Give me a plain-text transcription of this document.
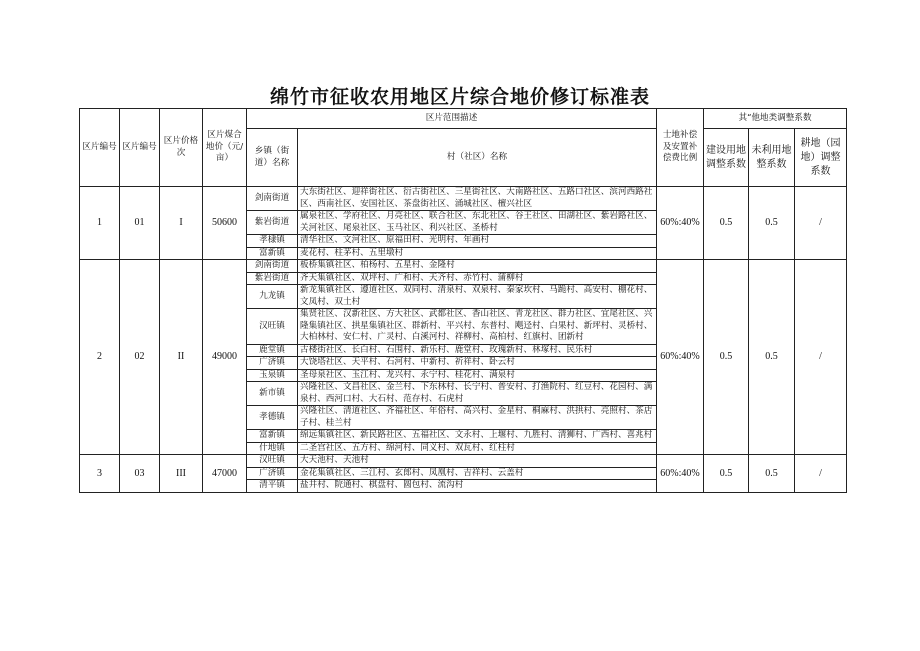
绵竹市征收农用地区片综合地价修订标准表
区片编号	区片编号	区片价格次	区片煤合
地价（元/
亩）	区片范围描述		士地补偿及安置补偿费比例	其“他地类调整系数		
				乡镇（街道）名称	村（社区）名称		建设用地调整系数	未利用地整系数	耕地（园地）调整系数
1	01	I	50600	剑南街道	大东街社区、迎祥街社区、衍古街社区、三星街社区、大南路社区、五路口社区、滨河西路社区、西南社区、安国社区、茶盘街社区、涌城社区、檀兴社区	60%:40%	0.5	0.5	/
				紫岩街道	属泉社区、学府社区、月亮社区、联合社区、东北社区、谷王社区、田湖社区、紫岩路社区、关河社区、尾泉社区、玉马社区、利兴社区、圣桥村				
				孝棣镇	清华社区、文河社区、原福田村、光明村、年画村				
				富新镇	麦花村、柱茅村、五里墩村				
2	02	II	49000	剑南街道	板桥集镇社区、柏杨村、五星村、金隆村	60%:40%	0.5	0.5	/
				紫岩街道	齐天集镇社区、双坪村、广和村、天齐村、赤竹村、蒲柳村				
				九龙镇	新龙集镇社区、遵道社区、双同村、清泉村、双泉村、秦家坎村、马跪村、高安村、棚花村、文凤村、双土村				
				汉旺镇	集贤社区、汉新社区、方大社区、武都社区、香山社区、青龙社区、群力社区、宜尾社区、兴隆集镇社区、拱星集镇社区、群新村、平兴村、东普村、飓迳村、白果村、新坪村、灵桥村、大柏林村、安仁村、广灵村、白溪河村、祥柳村、高柏村、红旗村、团新村				
				鹿堂镇	古楼街社区、长白村、石围村、新乐村、鹿堂村、玫瑰新村、林塚村、民乐村				
				广济镇	大饶塔社区、天平村、石河村、中新村、祈祥村、卧云村				
				玉泉镇	圣母泉社区、玉江村、龙兴村、永宁村、桂花村、满泉村				
				新市镇	兴隆社区、文昌社区、金兰村、下东林村、长宁村、普安村、打渔院村、红豆村、花园村、满泉村、西河口村、大石村、范存村、石虎村				
				孝德镇	兴隆社区、清道社区、齐福社区、年俗村、高兴村、金星村、桐麻村、洪拱村、亮照村、茶店子村、桂兰村				
				富新镇	绵远集镇社区、新民路社区、五福社区、文永村、上堰村、九胜村、清狮村、广西村、喜兆村				
				什地镇	二圣宫社区、五方村、绵河村、同义村、双瓦村、红柱村				
3	03	III	47000	汉旺镇	大天池村、天池村	60%:40%	0.5	0.5	/
				广济镇	金花集镇社区、三江村、玄郎村、凤凰村、吉祥村、云盖村				
				清平镇	盐井村、院通村、棋盘村、圆包村、流沟村				
